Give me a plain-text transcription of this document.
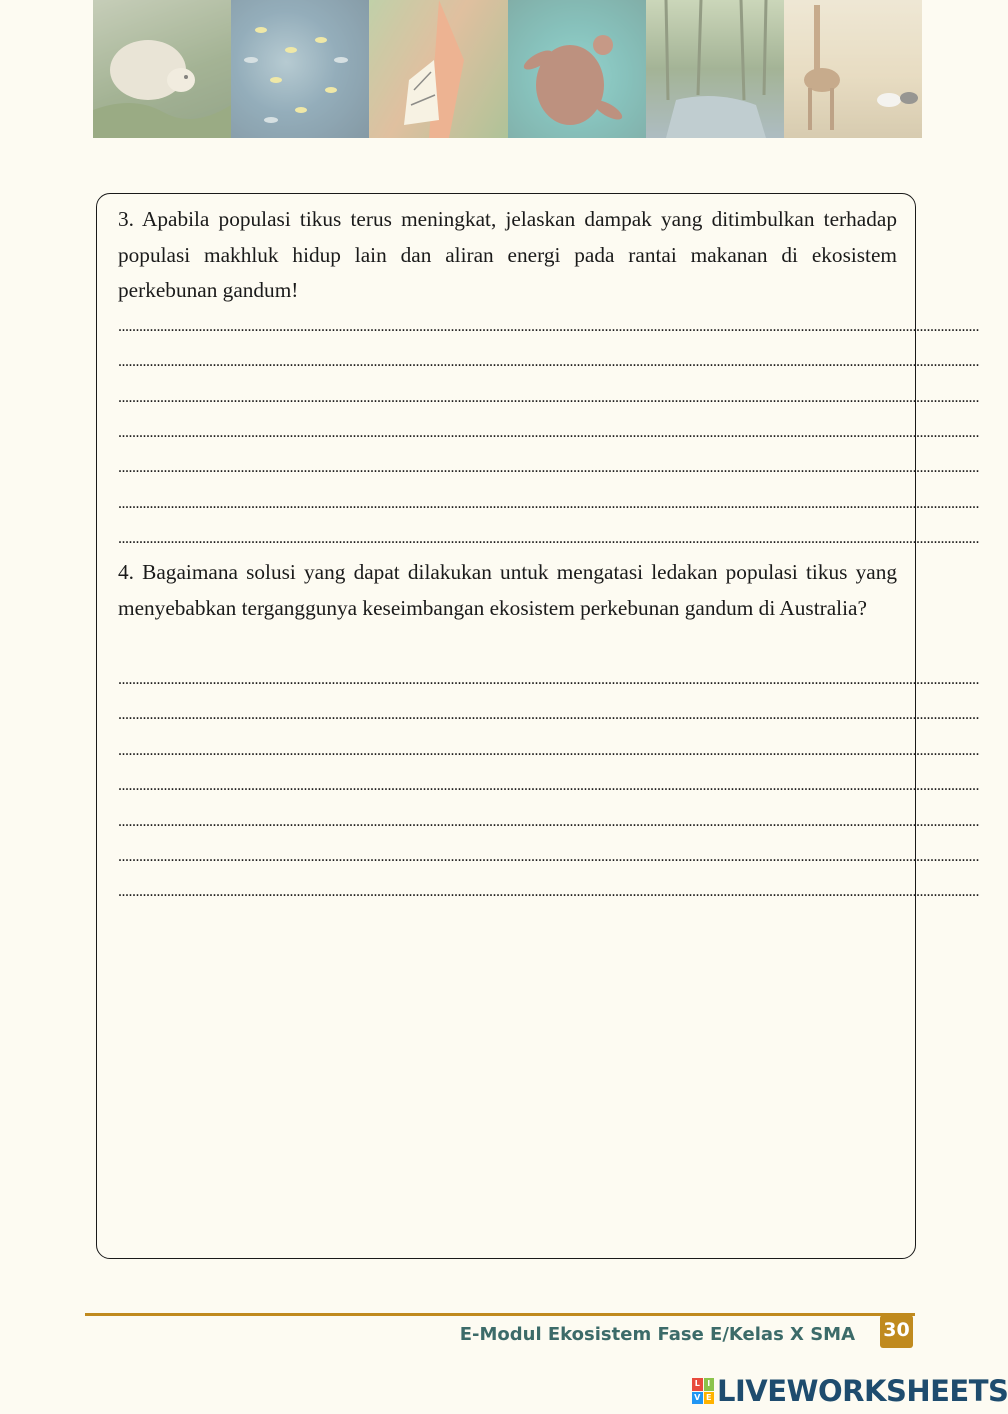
3. Apabila populasi tikus terus meningkat, jelaskan dampak yang ditimbulkan terhadap populasi makhluk hidup lain dan aliran energi pada rantai makanan di ekosistem perkebunan gandum!
......................................................................................................................................................................................................................................................
......................................................................................................................................................................................................................................................
......................................................................................................................................................................................................................................................
......................................................................................................................................................................................................................................................
......................................................................................................................................................................................................................................................
......................................................................................................................................................................................................................................................
......................................................................................................................................................................................................................................................
4. Bagaimana solusi yang dapat dilakukan untuk mengatasi ledakan populasi tikus yang menyebabkan terganggunya keseimbangan ekosistem perkebunan gandum di Australia?
......................................................................................................................................................................................................................................................
......................................................................................................................................................................................................................................................
......................................................................................................................................................................................................................................................
......................................................................................................................................................................................................................................................
......................................................................................................................................................................................................................................................
......................................................................................................................................................................................................................................................
......................................................................................................................................................................................................................................................
E-Modul Ekosistem Fase E/Kelas X SMA 30
L I
V E LIVEWORKSHEETS
